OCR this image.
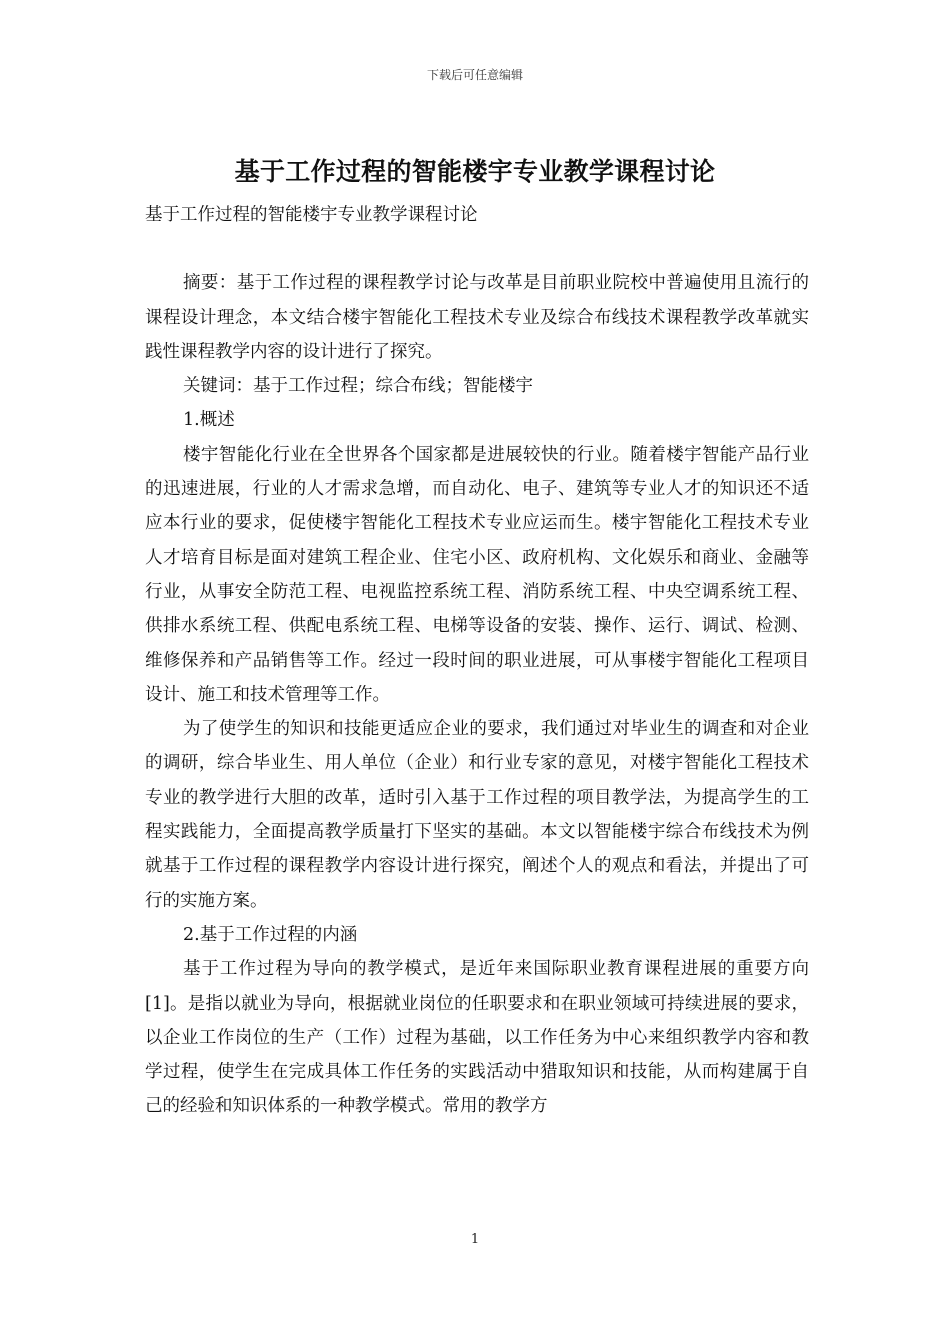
下载后可任意编辑
基于工作过程的智能楼宇专业教学课程讨论

基于工作过程的智能楼宇专业教学课程讨论

摘要：基于工作过程的课程教学讨论与改革是目前职业院校中普遍使用且流行的课程设计理念，本文结合楼宇智能化工程技术专业及综合布线技术课程教学改革就实践性课程教学内容的设计进行了探究。

关键词：基于工作过程；综合布线；智能楼宇

1.概述

楼宇智能化行业在全世界各个国家都是进展较快的行业。随着楼宇智能产品行业的迅速进展，行业的人才需求急增，而自动化、电子、建筑等专业人才的知识还不适应本行业的要求，促使楼宇智能化工程技术专业应运而生。楼宇智能化工程技术专业人才培育目标是面对建筑工程企业、住宅小区、政府机构、文化娱乐和商业、金融等行业，从事安全防范工程、电视监控系统工程、消防系统工程、中央空调系统工程、供排水系统工程、供配电系统工程、电梯等设备的安装、操作、运行、调试、检测、维修保养和产品销售等工作。经过一段时间的职业进展，可从事楼宇智能化工程项目设计、施工和技术管理等工作。

为了使学生的知识和技能更适应企业的要求，我们通过对毕业生的调查和对企业的调研，综合毕业生、用人单位（企业）和行业专家的意见，对楼宇智能化工程技术专业的教学进行大胆的改革，适时引入基于工作过程的项目教学法，为提高学生的工程实践能力，全面提高教学质量打下坚实的基础。本文以智能楼宇综合布线技术为例就基于工作过程的课程教学内容设计进行探究，阐述个人的观点和看法，并提出了可行的实施方案。

2.基于工作过程的内涵

基于工作过程为导向的教学模式，是近年来国际职业教育课程进展的重要方向[1]。是指以就业为导向，根据就业岗位的任职要求和在职业领域可持续进展的要求，以企业工作岗位的生产（工作）过程为基础，以工作任务为中心来组织教学内容和教学过程，使学生在完成具体工作任务的实践活动中猎取知识和技能，从而构建属于自己的经验和知识体系的一种教学模式。常用的教学方

1
